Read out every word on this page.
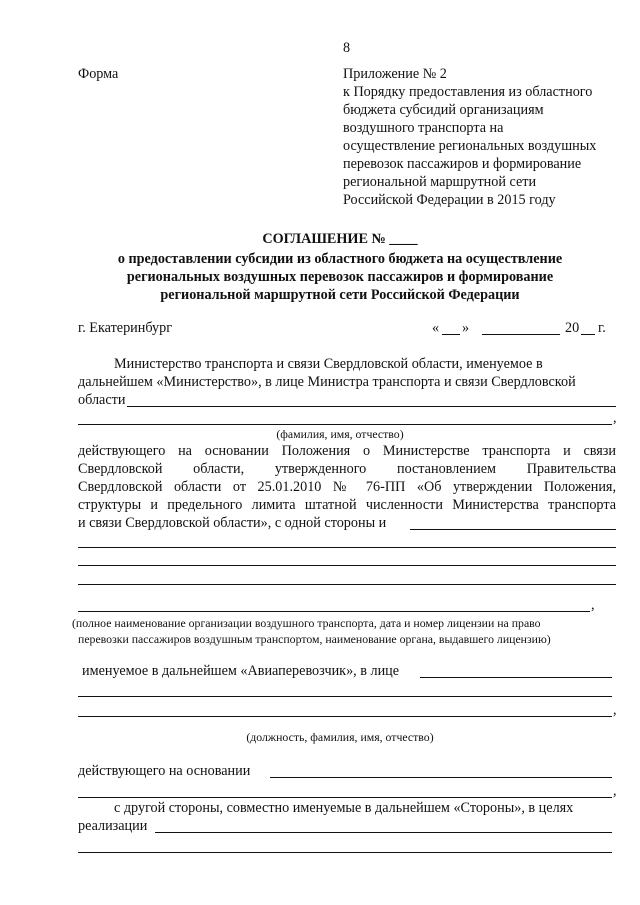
8
Форма	Приложение № 2
к Порядку предоставления из областного
бюджета субсидий организациям
воздушного транспорта на
осуществление региональных воздушных
перевозок пассажиров и формирование
региональной маршрутной сети
Российской Федерации в 2015 году
СОГЛАШЕНИЕ № ____
о предоставлении субсидии из областного бюджета на осуществление
региональных воздушных перевозок пассажиров и формирование
региональной маршрутной сети Российской Федерации
г. Екатеринбург	« »	20 г.
Министерство транспорта и связи Свердловской области, именуемое в
дальнейшем «Министерство», в лице Министра транспорта и связи Свердловской
области
,
(фамилия, имя, отчество)
действующего на основании Положения о Министерстве транспорта и связи
Свердловской области, утвержденного постановлением Правительства
Свердловской области от 25.01.2010 № 76-ПП «Об утверждении Положения,
структуры и предельного лимита штатной численности Министерства транспорта
и связи Свердловской области», с одной стороны и
,
(полное наименование организации воздушного транспорта, дата и номер лицензии на право
перевозки пассажиров воздушным транспортом, наименование органа, выдавшего лицензию)
именуемое в дальнейшем «Авиаперевозчик», в лице
,
(должность, фамилия, имя, отчество)
действующего на основании
,
с другой стороны, совместно именуемые в дальнейшем «Стороны», в целях
реализации
